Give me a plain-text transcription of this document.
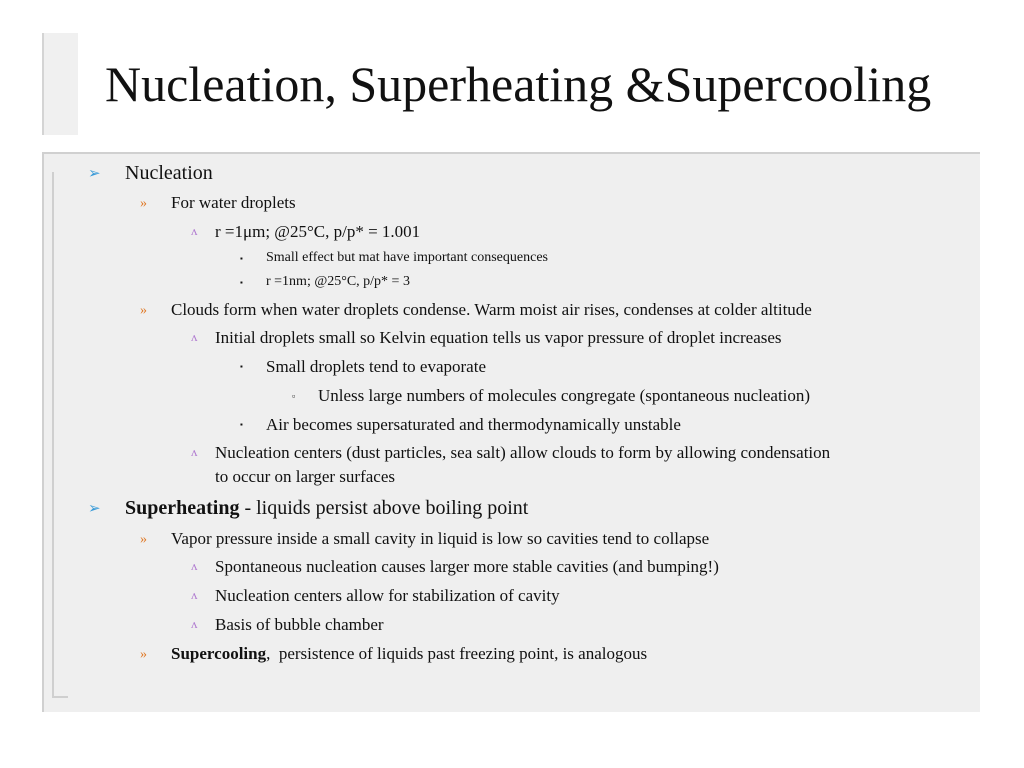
Nucleation, Superheating &Supercooling
➢ Nucleation
» For water droplets
ʌ r =1μm; @25°C, p/p* = 1.001
▪ Small effect but mat have important consequences
▪ r =1nm; @25°C, p/p* = 3
» Clouds form when water droplets condense. Warm moist air rises, condenses at colder altitude
ʌ Initial droplets small so Kelvin equation tells us vapor pressure of droplet increases
▪ Small droplets tend to evaporate
▫ Unless large numbers of molecules congregate (spontaneous nucleation)
▪ Air becomes supersaturated and thermodynamically unstable
ʌ Nucleation centers (dust particles, sea salt) allow clouds to form by allowing condensation
to occur on larger surfaces
➢ Superheating - liquids persist above boiling point
» Vapor pressure inside a small cavity in liquid is low so cavities tend to collapse
ʌ Spontaneous nucleation causes larger more stable cavities (and bumping!)
ʌ Nucleation centers allow for stabilization of cavity
ʌ Basis of bubble chamber
» Supercooling,  persistence of liquids past freezing point, is analogous
